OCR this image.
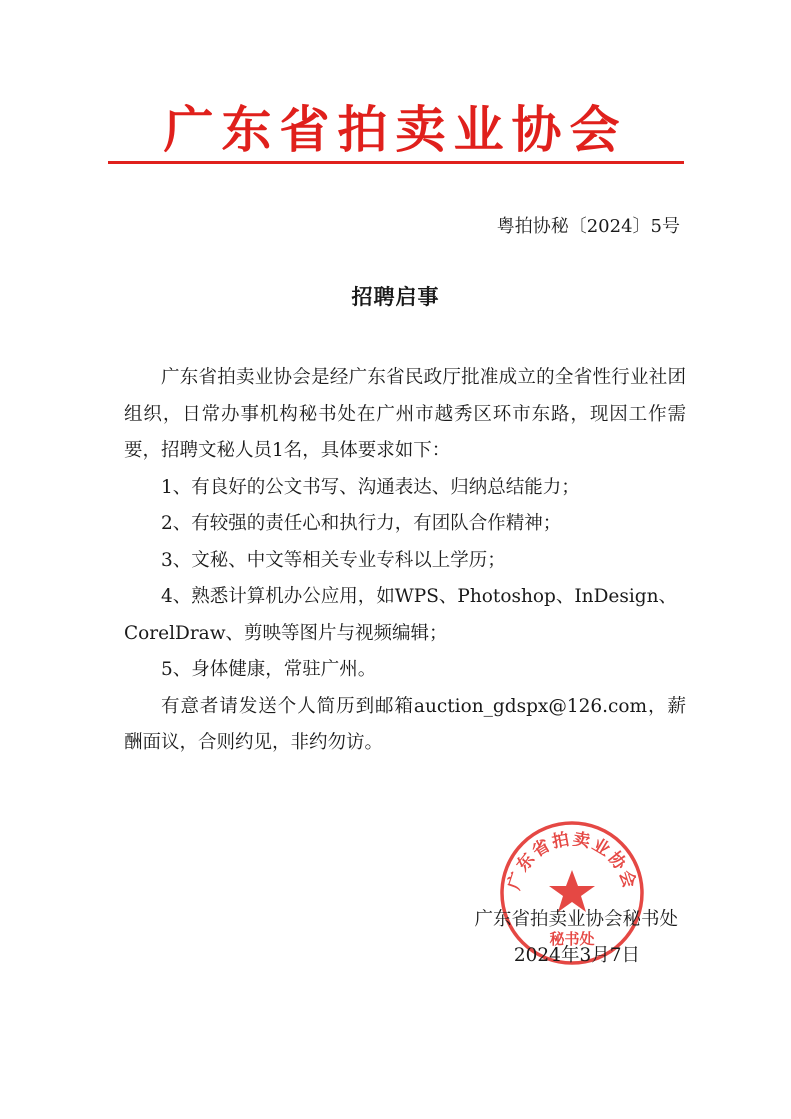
广东省拍卖业协会
粤拍协秘〔2024〕5号
招聘启事

广东省拍卖业协会是经广东省民政厅批准成立的全省性行业社团组织，日常办事机构秘书处在广州市越秀区环市东路，现因工作需要，招聘文秘人员1名，具体要求如下：

1、有良好的公文书写、沟通表达、归纳总结能力；

2、有较强的责任心和执行力，有团队合作精神；

3、文秘、中文等相关专业专科以上学历；

4、熟悉计算机办公应用，如WPS、Photoshop、InDesign、CorelDraw、剪映等图片与视频编辑；

5、身体健康，常驻广州。

有意者请发送个人简历到邮箱auction_gdspx@126.com，薪酬面议，合则约见，非约勿访。

广东省拍卖业协会
秘书处
广东省拍卖业协会秘书处
2024年3月7日
